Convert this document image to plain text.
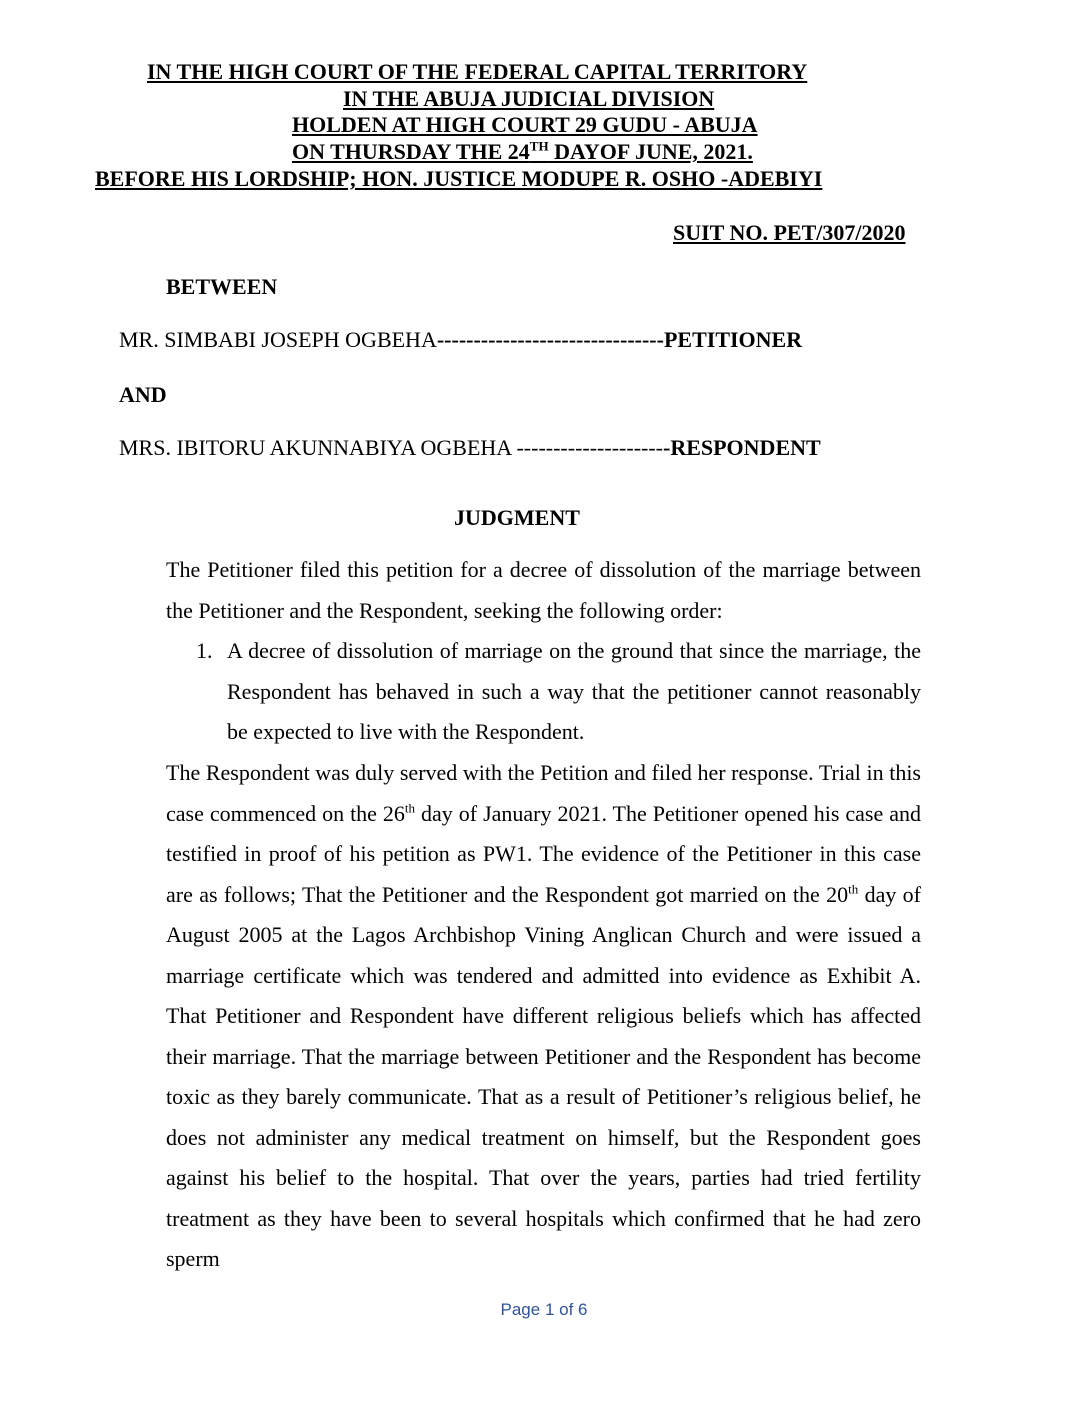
IN THE HIGH COURT OF THE FEDERAL CAPITAL TERRITORY
IN THE ABUJA JUDICIAL DIVISION
HOLDEN AT HIGH COURT 29 GUDU - ABUJA
ON THURSDAY THE 24TH DAYOF JUNE, 2021.
BEFORE HIS LORDSHIP; HON. JUSTICE MODUPE R. OSHO -ADEBIYI
SUIT NO. PET/307/2020
BETWEEN
MR. SIMBABI JOSEPH OGBEHA-------------------------------PETITIONER
AND
MRS. IBITORU AKUNNABIYA OGBEHA ---------------------RESPONDENT
JUDGMENT
The Petitioner filed this petition for a decree of dissolution of the marriage between the Petitioner and the Respondent, seeking the following order:
1. A decree of dissolution of marriage on the ground that since the marriage, the Respondent has behaved in such a way that the petitioner cannot reasonably be expected to live with the Respondent.
The Respondent was duly served with the Petition and filed her response. Trial in this case commenced on the 26th day of January 2021. The Petitioner opened his case and testified in proof of his petition as PW1. The evidence of the Petitioner in this case are as follows; That the Petitioner and the Respondent got married on the 20th day of August 2005 at the Lagos Archbishop Vining Anglican Church and were issued a marriage certificate which was tendered and admitted into evidence as Exhibit A. That Petitioner and Respondent have different religious beliefs which has affected their marriage. That the marriage between Petitioner and the Respondent has become toxic as they barely communicate. That as a result of Petitioner’s religious belief, he does not administer any medical treatment on himself, but the Respondent goes against his belief to the hospital. That over the years, parties had tried fertility treatment as they have been to several hospitals which confirmed that he had zero sperm
Page 1 of 6
